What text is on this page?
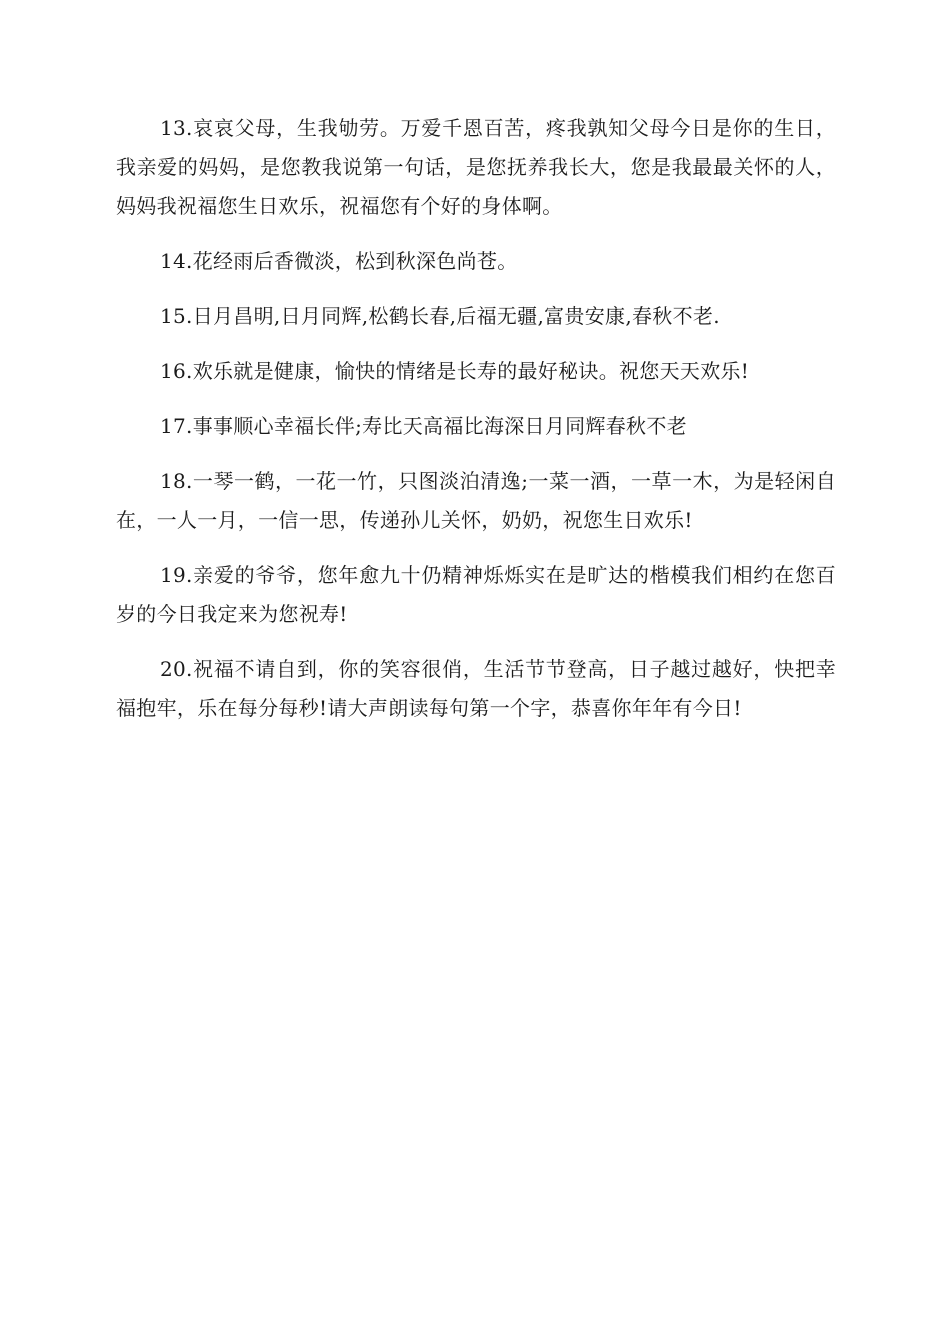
13.哀哀父母，生我劬劳。万爱千恩百苦，疼我孰知父母今日是你的生日，我亲爱的妈妈，是您教我说第一句话，是您抚养我长大，您是我最最关怀的人，妈妈我祝福您生日欢乐，祝福您有个好的身体啊。

14.花经雨后香微淡，松到秋深色尚苍。

15.日月昌明,日月同辉,松鹤长春,后福无疆,富贵安康,春秋不老.

16.欢乐就是健康，愉快的情绪是长寿的最好秘诀。祝您天天欢乐!

17.事事顺心幸福长伴;寿比天高福比海深日月同辉春秋不老

18.一琴一鹤，一花一竹，只图淡泊清逸;一菜一酒，一草一木，为是轻闲自在，一人一月，一信一思，传递孙儿关怀，奶奶，祝您生日欢乐!

19.亲爱的爷爷，您年愈九十仍精神烁烁实在是旷达的楷模我们相约在您百岁的今日我定来为您祝寿!

20.祝福不请自到，你的笑容很俏，生活节节登高，日子越过越好，快把幸福抱牢，乐在每分每秒!请大声朗读每句第一个字，恭喜你年年有今日!
